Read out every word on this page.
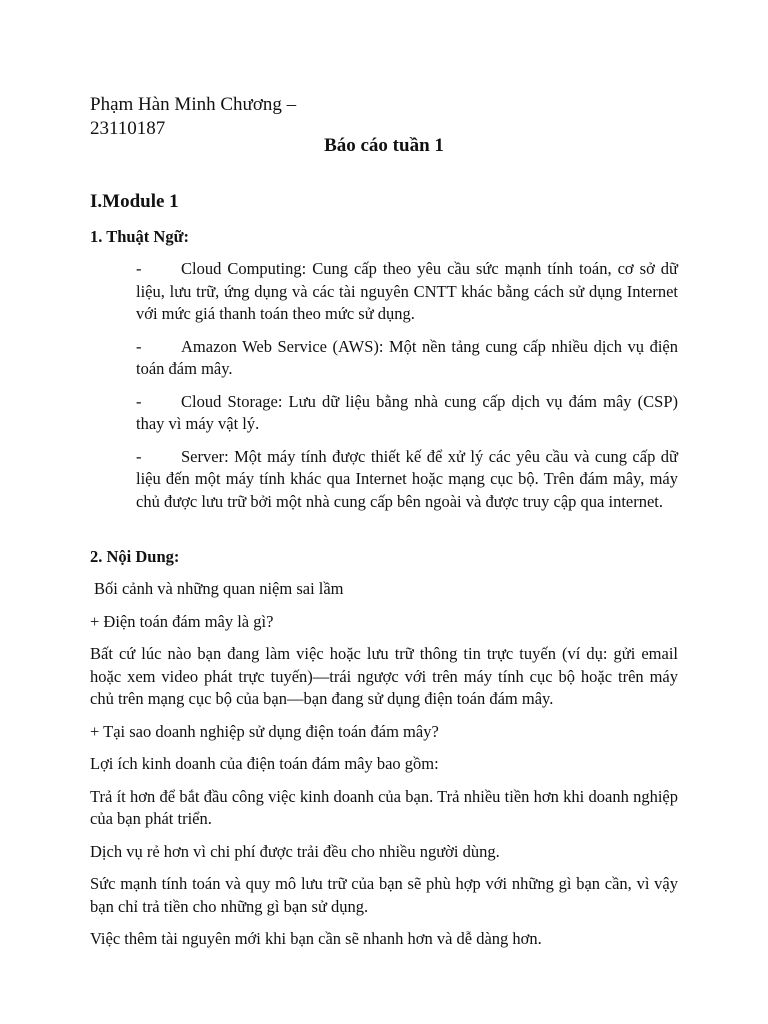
Phạm Hàn Minh Chương –
23110187
Báo cáo tuần 1
I.Module 1
1. Thuật Ngữ:

- Cloud Computing: Cung cấp theo yêu cầu sức mạnh tính toán, cơ sở dữ liệu, lưu trữ, ứng dụng và các tài nguyên CNTT khác bằng cách sử dụng Internet với mức giá thanh toán theo mức sử dụng.

- Amazon Web Service (AWS): Một nền tảng cung cấp nhiều dịch vụ điện toán đám mây.

- Cloud Storage: Lưu dữ liệu bằng nhà cung cấp dịch vụ đám mây (CSP) thay vì máy vật lý.

- Server: Một máy tính được thiết kế để xử lý các yêu cầu và cung cấp dữ liệu đến một máy tính khác qua Internet hoặc mạng cục bộ. Trên đám mây, máy chủ được lưu trữ bởi một nhà cung cấp bên ngoài và được truy cập qua internet.

2. Nội Dung:

Bối cảnh và những quan niệm sai lầm

+ Điện toán đám mây là gì?

Bất cứ lúc nào bạn đang làm việc hoặc lưu trữ thông tin trực tuyến (ví dụ: gửi email hoặc xem video phát trực tuyến)—trái ngược với trên máy tính cục bộ hoặc trên máy chủ trên mạng cục bộ của bạn—bạn đang sử dụng điện toán đám mây.

+ Tại sao doanh nghiệp sử dụng điện toán đám mây?

Lợi ích kinh doanh của điện toán đám mây bao gồm:

Trả ít hơn để bắt đầu công việc kinh doanh của bạn. Trả nhiều tiền hơn khi doanh nghiệp của bạn phát triển.

Dịch vụ rẻ hơn vì chi phí được trải đều cho nhiều người dùng.

Sức mạnh tính toán và quy mô lưu trữ của bạn sẽ phù hợp với những gì bạn cần, vì vậy bạn chỉ trả tiền cho những gì bạn sử dụng.

Việc thêm tài nguyên mới khi bạn cần sẽ nhanh hơn và dễ dàng hơn.
